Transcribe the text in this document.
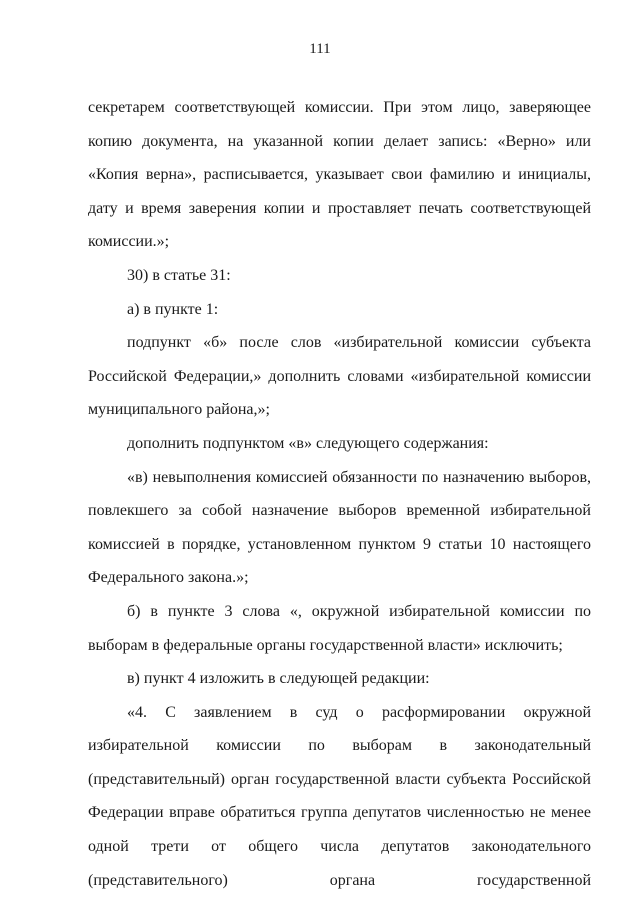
111

секретарем соответствующей комиссии. При этом лицо, заверяющее копию документа, на указанной копии делает запись: «Верно» или «Копия верна», расписывается, указывает свои фамилию и инициалы, дату и время заверения копии и проставляет печать соответствующей комиссии.»;

30) в статье 31:

а) в пункте 1:

подпункт «б» после слов «избирательной комиссии субъекта Российской Федерации,» дополнить словами «избирательной комиссии муниципального района,»;

дополнить подпунктом «в» следующего содержания:

«в) невыполнения комиссией обязанности по назначению выборов, повлекшего за собой назначение выборов временной избирательной комиссией в порядке, установленном пунктом 9 статьи 10 настоящего Федерального закона.»;

б) в пункте 3 слова «, окружной избирательной комиссии по выборам в федеральные органы государственной власти» исключить;

в) пункт 4 изложить в следующей редакции:

«4. С заявлением в суд о расформировании окружной избирательной комиссии по выборам в законодательный (представительный) орган государственной власти субъекта Российской Федерации вправе обратиться группа депутатов численностью не менее одной трети от общего числа депутатов законодательного (представительного) органа государственной
